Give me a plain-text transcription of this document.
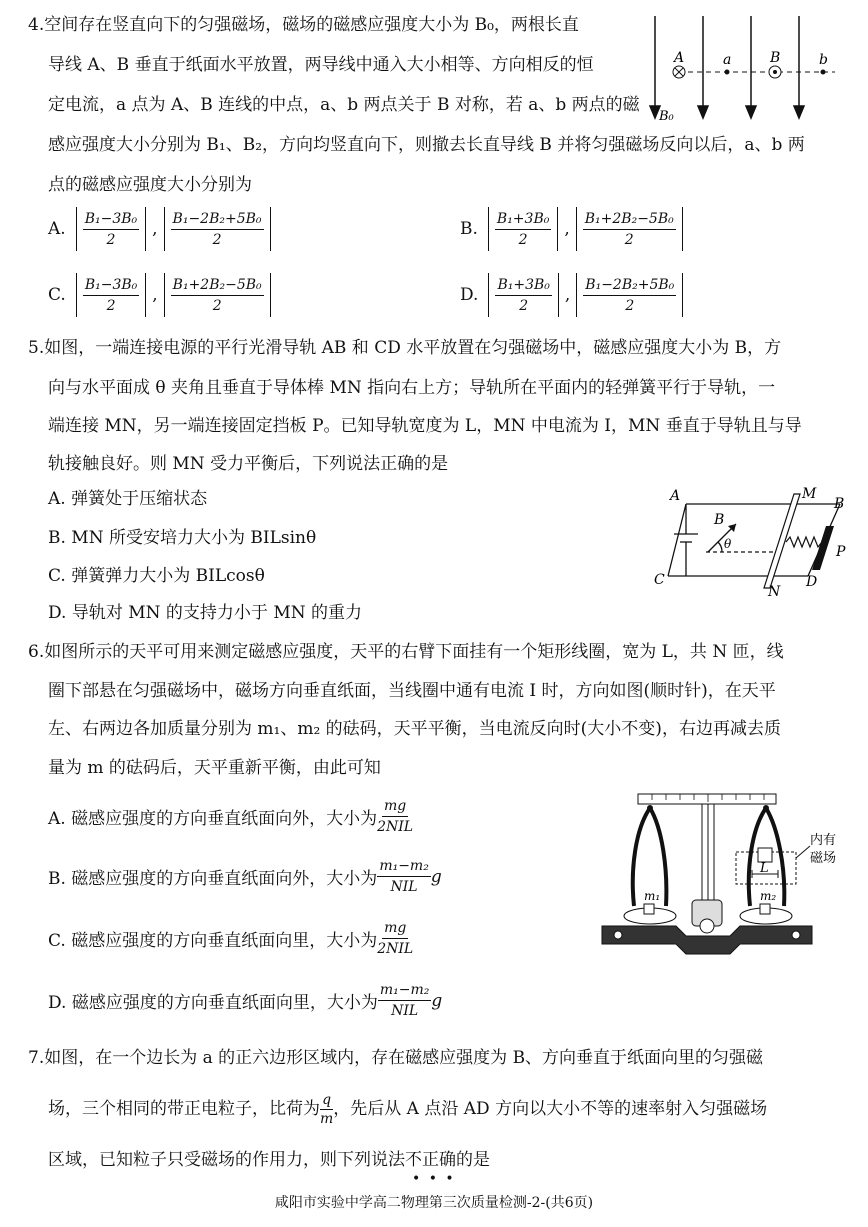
4.空间存在竖直向下的匀强磁场，磁场的磁感应强度大小为 B₀，两根长直
导线 A、B 垂直于纸面水平放置，两导线中通入大小相等、方向相反的恒
定电流，a 点为 A、B 连线的中点，a、b 两点关于 B 对称，若 a、b 两点的磁
感应强度大小分别为 B₁、B₂，方向均竖直向下，则撤去长直导线 B 并将匀强磁场反向以后，a、b 两
点的磁感应强度大小分别为
A	a	B	b
B₀
A. $\frac{\text{B₁−3B₀}}{2}$ , $\frac{\text{B₁−2B₂+5B₀}}{2}$	B. $\frac{\text{B₁+3B₀}}{2}$ , $\frac{\text{B₁+2B₂−5B₀}}{2}$
C. $\frac{\text{B₁−3B₀}}{2}$ , $\frac{\text{B₁+2B₂−5B₀}}{2}$	D. $\frac{\text{B₁+3B₀}}{2}$ , $\frac{\text{B₁−2B₂+5B₀}}{2}$
5.如图，一端连接电源的平行光滑导轨 AB 和 CD 水平放置在匀强磁场中，磁感应强度大小为 B，方
向与水平面成 θ 夹角且垂直于导体棒 MN 指向右上方；导轨所在平面内的轻弹簧平行于导轨，一
端连接 MN，另一端连接固定挡板 P。已知导轨宽度为 L，MN 中电流为 I，MN 垂直于导轨且与导
轨接触良好。则 MN 受力平衡后，下列说法正确的是
A. 弹簧处于压缩状态
B. MN 所受安培力大小为 BILsinθ
C. 弹簧弹力大小为 BILcosθ
D. 导轨对 MN 的支持力小于 MN 的重力
A
C
B
θ
M
B
P
N
D
6.如图所示的天平可用来测定磁感应强度，天平的右臂下面挂有一个矩形线圈，宽为 L，共 N 匝，线
圈下部悬在匀强磁场中，磁场方向垂直纸面，当线圈中通有电流 I 时，方向如图(顺时针)，在天平
左、右两边各加质量分别为 m₁、m₂ 的砝码，天平平衡，当电流反向时(大小不变)，右边再减去质
量为 m 的砝码后，天平重新平衡，由此可知
A. 磁感应强度的方向垂直纸面向外，大小为 $\frac{mg}{\text{2NIL}}$
B. 磁感应强度的方向垂直纸面向外，大小为 $\frac{\text{m₁−m₂}}{\text{NIL}}$ g
C. 磁感应强度的方向垂直纸面向里，大小为 $\frac{mg}{\text{2NIL}}$
D. 磁感应强度的方向垂直纸面向里，大小为 $\frac{\text{m₁−m₂}}{\text{NIL}}$ g
L
内有
磁场
m₁	m₂
7.如图，在一个边长为 a 的正六边形区域内，存在磁感应强度为 B、方向垂直于纸面向里的匀强磁
场，三个相同的带正电粒子，比荷为 $\frac{q}{m}$ ，先后从 A 点沿 AD 方向以大小不等的速率射入匀强磁场
区域，已知粒子只受磁场的作用力，则下列说法不正确的是
• • •
咸阳市实验中学高二物理第三次质量检测-2-(共6页)
